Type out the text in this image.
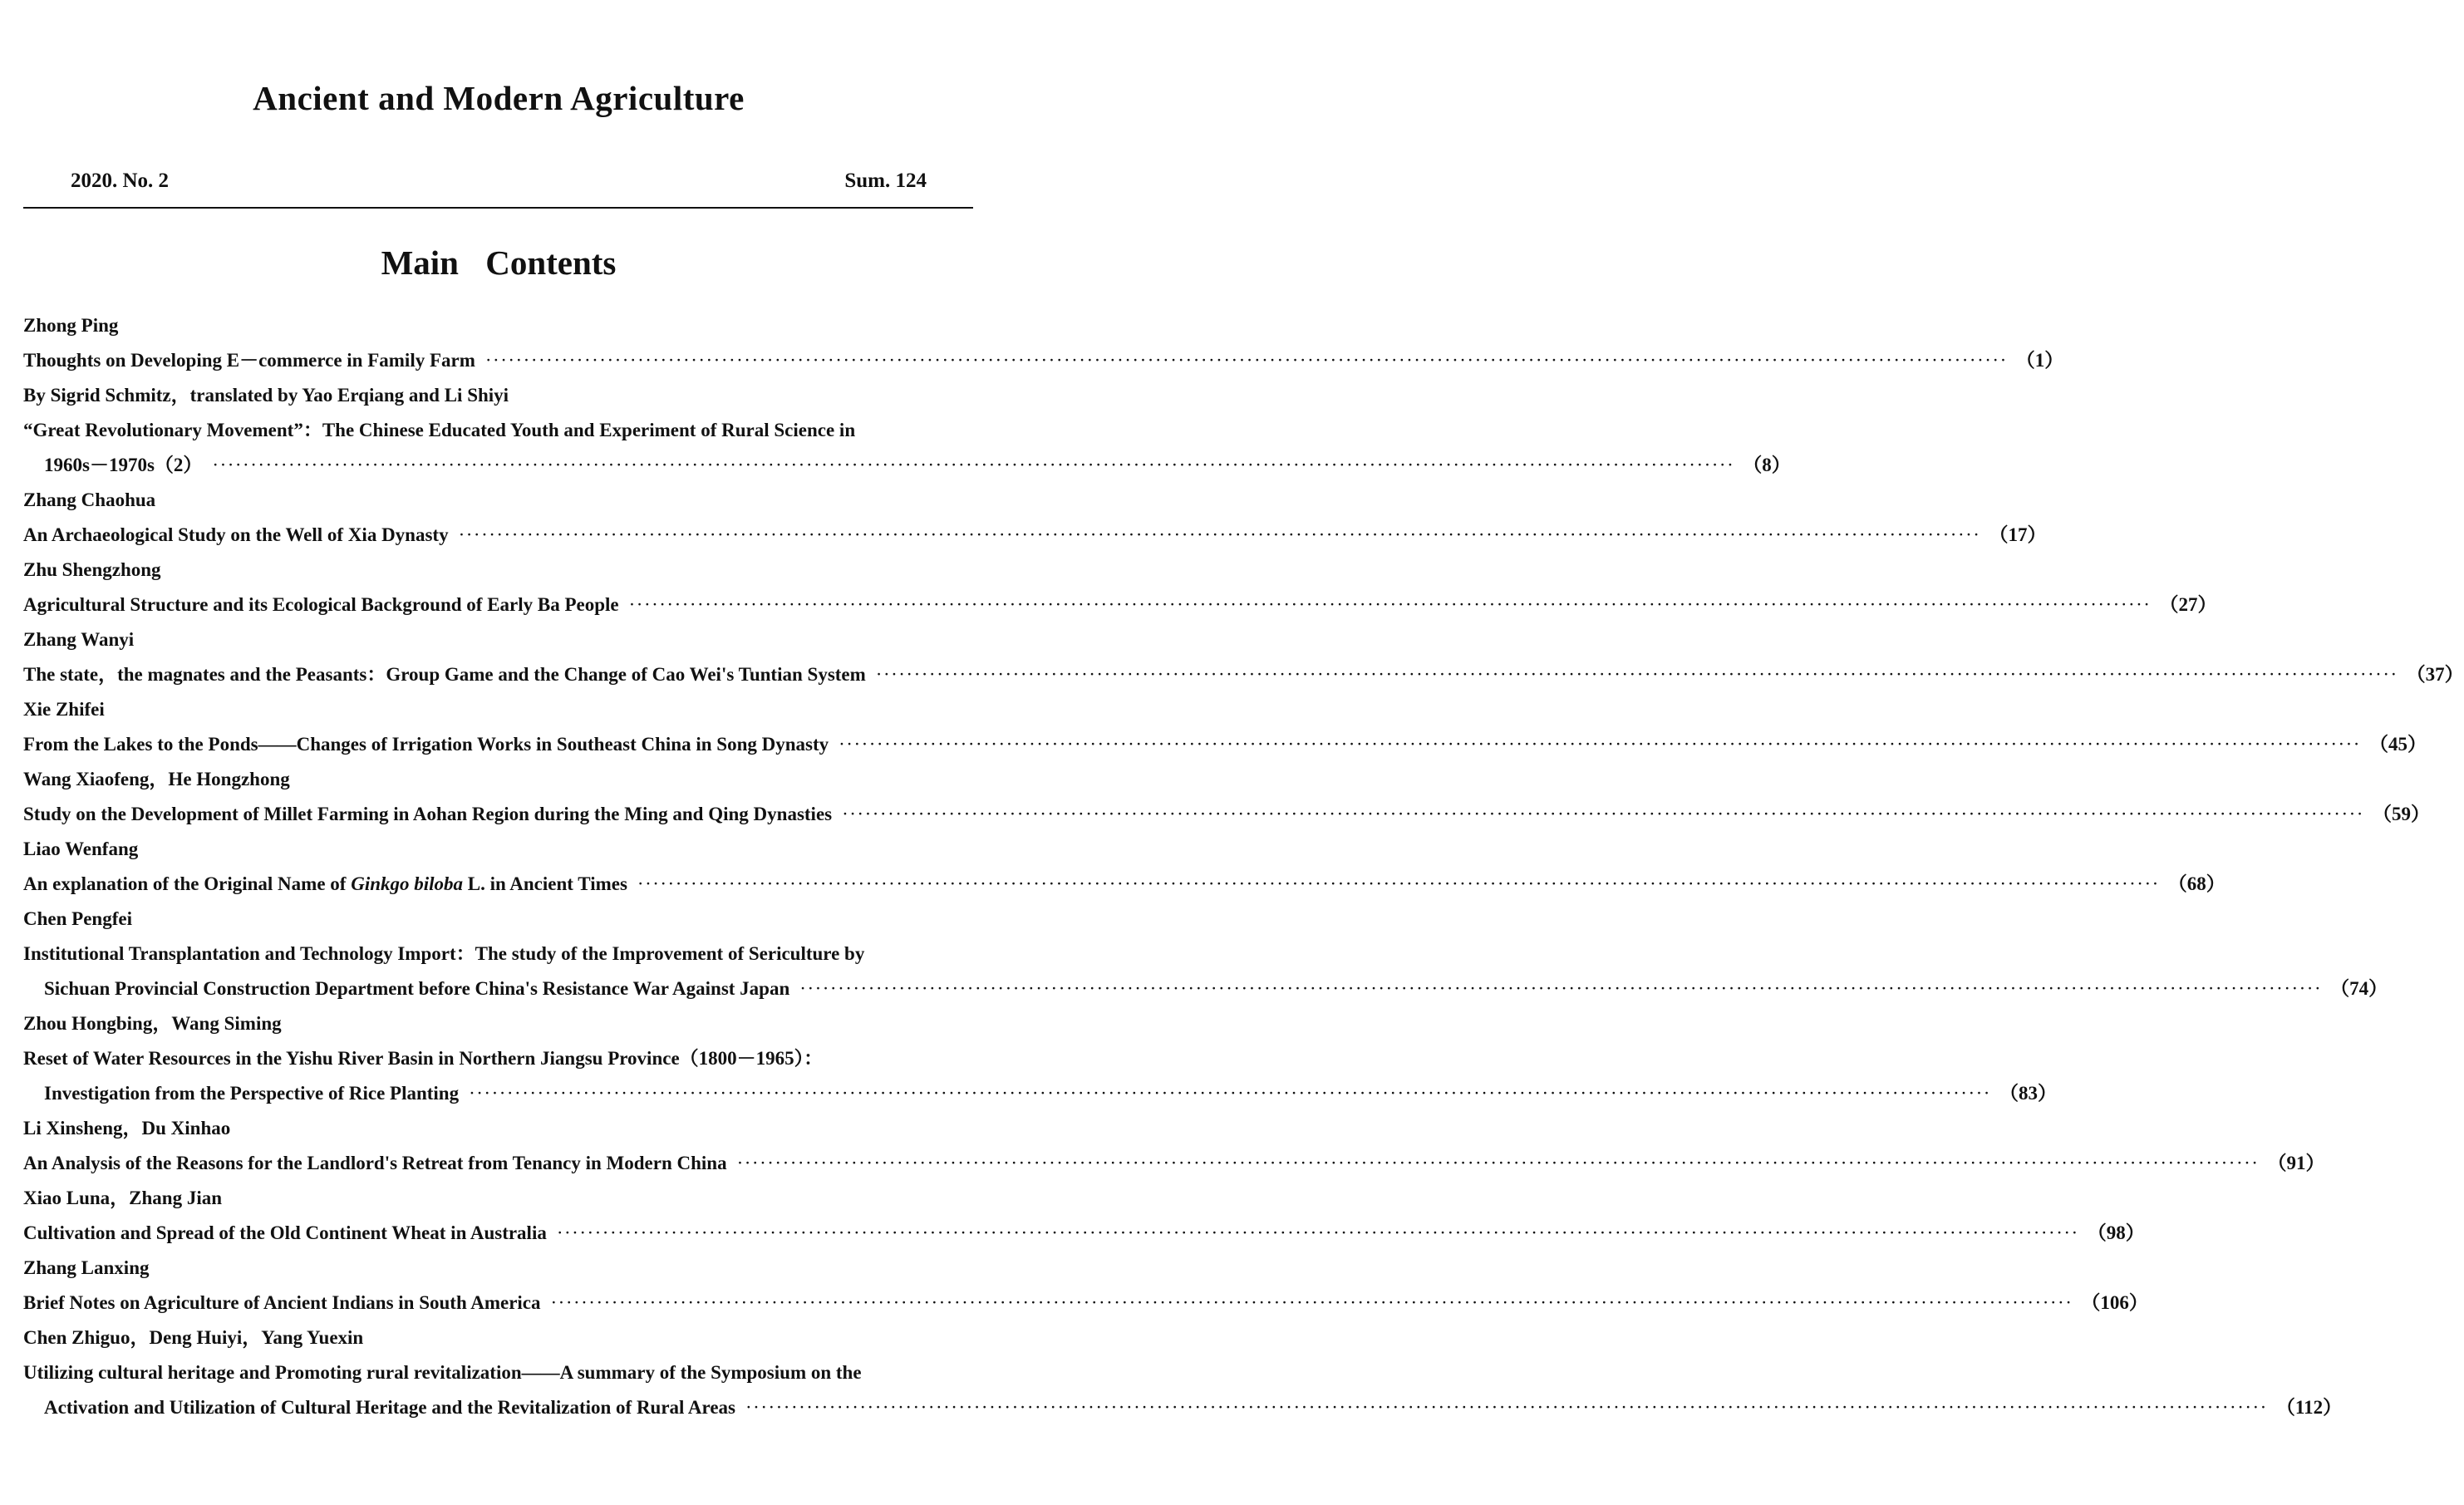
Ancient and Modern Agriculture
2020. No. 2	Sum. 124
Main Contents
Zhong Ping
Thoughts on Developing E－commerce in Family Farm ········································································································································································································ （1）
By Sigrid Schmitz，translated by Yao Erqiang and Li Shiyi
“Great Revolutionary Movement”：The Chinese Educated Youth and Experiment of Rural Science in
1960s－1970s（2） ········································································································································································································ （8）
Zhang Chaohua
An Archaeological Study on the Well of Xia Dynasty ········································································································································································································ （17）
Zhu Shengzhong
Agricultural Structure and its Ecological Background of Early Ba People ········································································································································································································ （27）
Zhang Wanyi
The state，the magnates and the Peasants：Group Game and the Change of Cao Wei's Tuntian System ········································································································································································································ （37）
Xie Zhifei
From the Lakes to the Ponds——Changes of Irrigation Works in Southeast China in Song Dynasty ········································································································································································································ （45）
Wang Xiaofeng，He Hongzhong
Study on the Development of Millet Farming in Aohan Region during the Ming and Qing Dynasties ········································································································································································································ （59）
Liao Wenfang
An explanation of the Original Name of Ginkgo biloba L. in Ancient Times ········································································································································································································ （68）
Chen Pengfei
Institutional Transplantation and Technology Import：The study of the Improvement of Sericulture by
Sichuan Provincial Construction Department before China's Resistance War Against Japan ········································································································································································································ （74）
Zhou Hongbing，Wang Siming
Reset of Water Resources in the Yishu River Basin in Northern Jiangsu Province（1800－1965）：
Investigation from the Perspective of Rice Planting ········································································································································································································ （83）
Li Xinsheng，Du Xinhao
An Analysis of the Reasons for the Landlord's Retreat from Tenancy in Modern China ········································································································································································································ （91）
Xiao Luna，Zhang Jian
Cultivation and Spread of the Old Continent Wheat in Australia ········································································································································································································ （98）
Zhang Lanxing
Brief Notes on Agriculture of Ancient Indians in South America ········································································································································································································ （106）
Chen Zhiguo，Deng Huiyi，Yang Yuexin
Utilizing cultural heritage and Promoting rural revitalization——A summary of the Symposium on the
Activation and Utilization of Cultural Heritage and the Revitalization of Rural Areas ········································································································································································································ （112）
